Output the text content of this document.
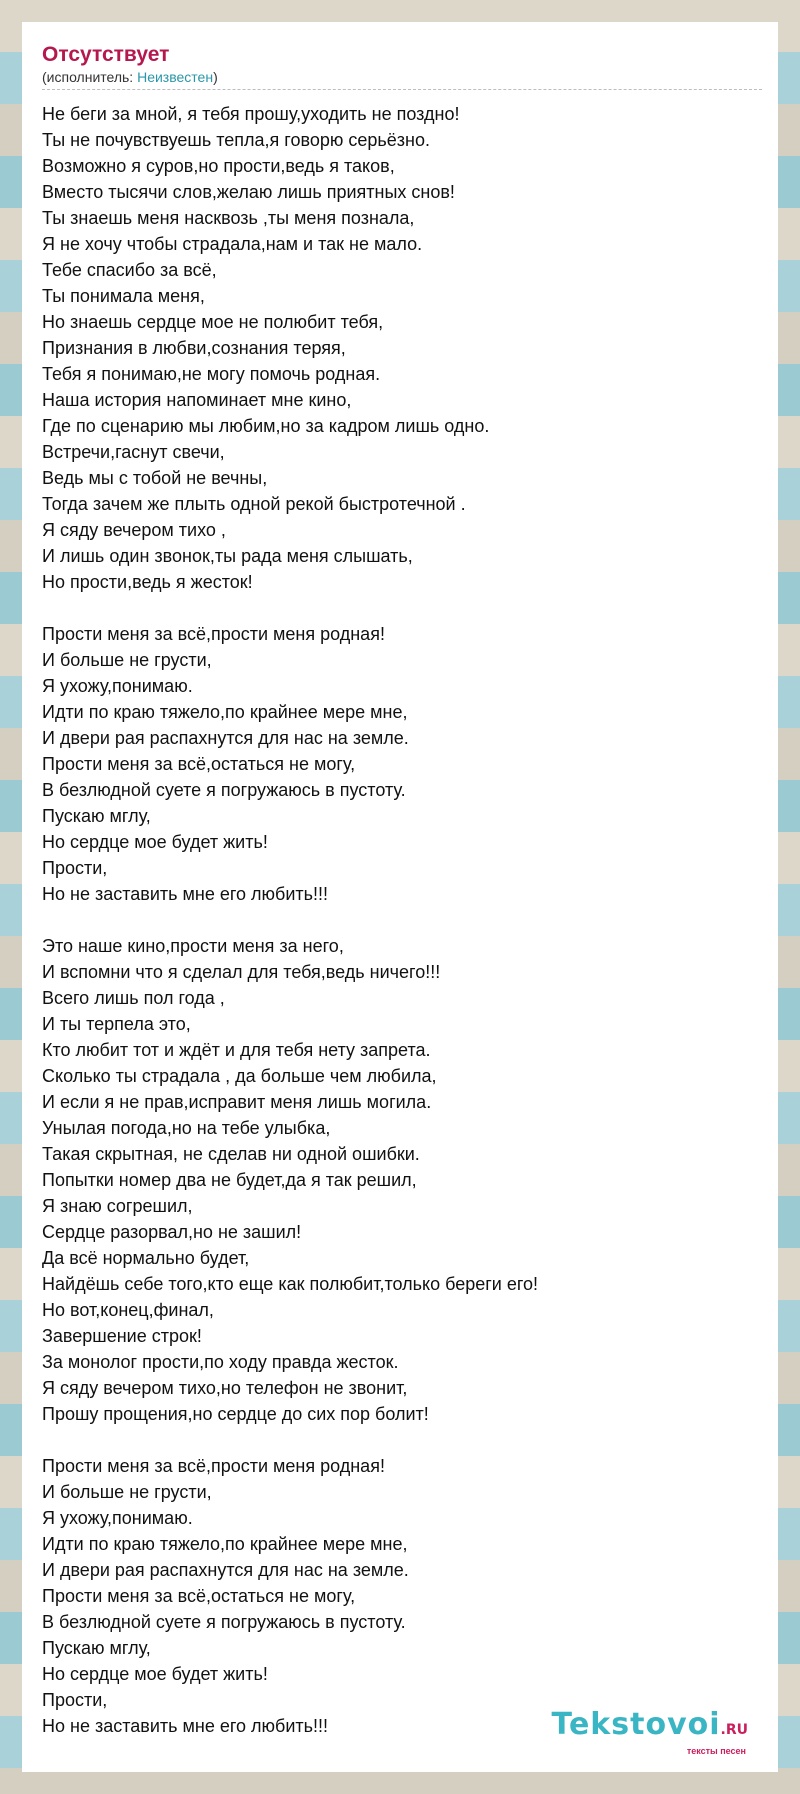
Отсутствует
(исполнитель: Неизвестен)
Не беги за мной, я тебя прошу,уходить не поздно!
Ты не почувствуешь тепла,я говорю серьёзно.
Возможно я суров,но прости,ведь я таков,
Вместо тысячи слов,желаю лишь приятных снов!
Ты знаешь меня насквозь ,ты меня познала,
Я не хочу чтобы страдала,нам и так не мало.
Тебе спасибо за всё,
Ты понимала меня,
Но знаешь сердце мое не полюбит тебя,
Признания в любви,сознания теряя,
Тебя я понимаю,не могу помочь родная.
Наша история напоминает мне кино,
Где по сценарию мы любим,но за кадром лишь одно.
Встречи,гаснут свечи,
Ведь мы с тобой не вечны,
Тогда зачем же плыть одной рекой быстротечной .
Я сяду вечером тихо ,
И лишь один звонок,ты рада меня слышать,
Но прости,ведь я жесток!
Прости меня за всё,прости меня родная!
И больше не грусти,
Я ухожу,понимаю.
Идти по краю тяжело,по крайнее мере мне,
И двери рая распахнутся для нас на земле.
Прости меня за всё,остаться не могу,
В безлюдной суете я погружаюсь в пустоту.
Пускаю мглу,
Но сердце мое будет жить!
Прости,
Но не заставить мне его любить!!!
Это наше кино,прости меня за него,
И вспомни что я сделал для тебя,ведь ничего!!!
Всего лишь пол года ,
И ты терпела это,
Кто любит тот и ждёт и для тебя нету запрета.
Сколько ты страдала , да больше чем любила,
И если я не прав,исправит меня лишь могила.
Унылая погода,но на тебе улыбка,
Такая скрытная, не сделав ни одной ошибки.
Попытки номер два не будет,да я так решил,
Я знаю согрешил,
Сердце разорвал,но не зашил!
Да всё нормально будет,
Найдёшь себе того,кто еще как полюбит,только береги его!
Но вот,конец,финал,
Завершение строк!
За монолог прости,по ходу правда жесток.
Я сяду вечером тихо,но телефон не звонит,
Прошу прощения,но сердце до сих пор болит!
Прости меня за всё,прости меня родная!
И больше не грусти,
Я ухожу,понимаю.
Идти по краю тяжело,по крайнее мере мне,
И двери рая распахнутся для нас на земле.
Прости меня за всё,остаться не могу,
В безлюдной суете я погружаюсь в пустоту.
Пускаю мглу,
Но сердце мое будет жить!
Прости,
Но не заставить мне его любить!!!	Tekstovoi.RU
тексты песен
